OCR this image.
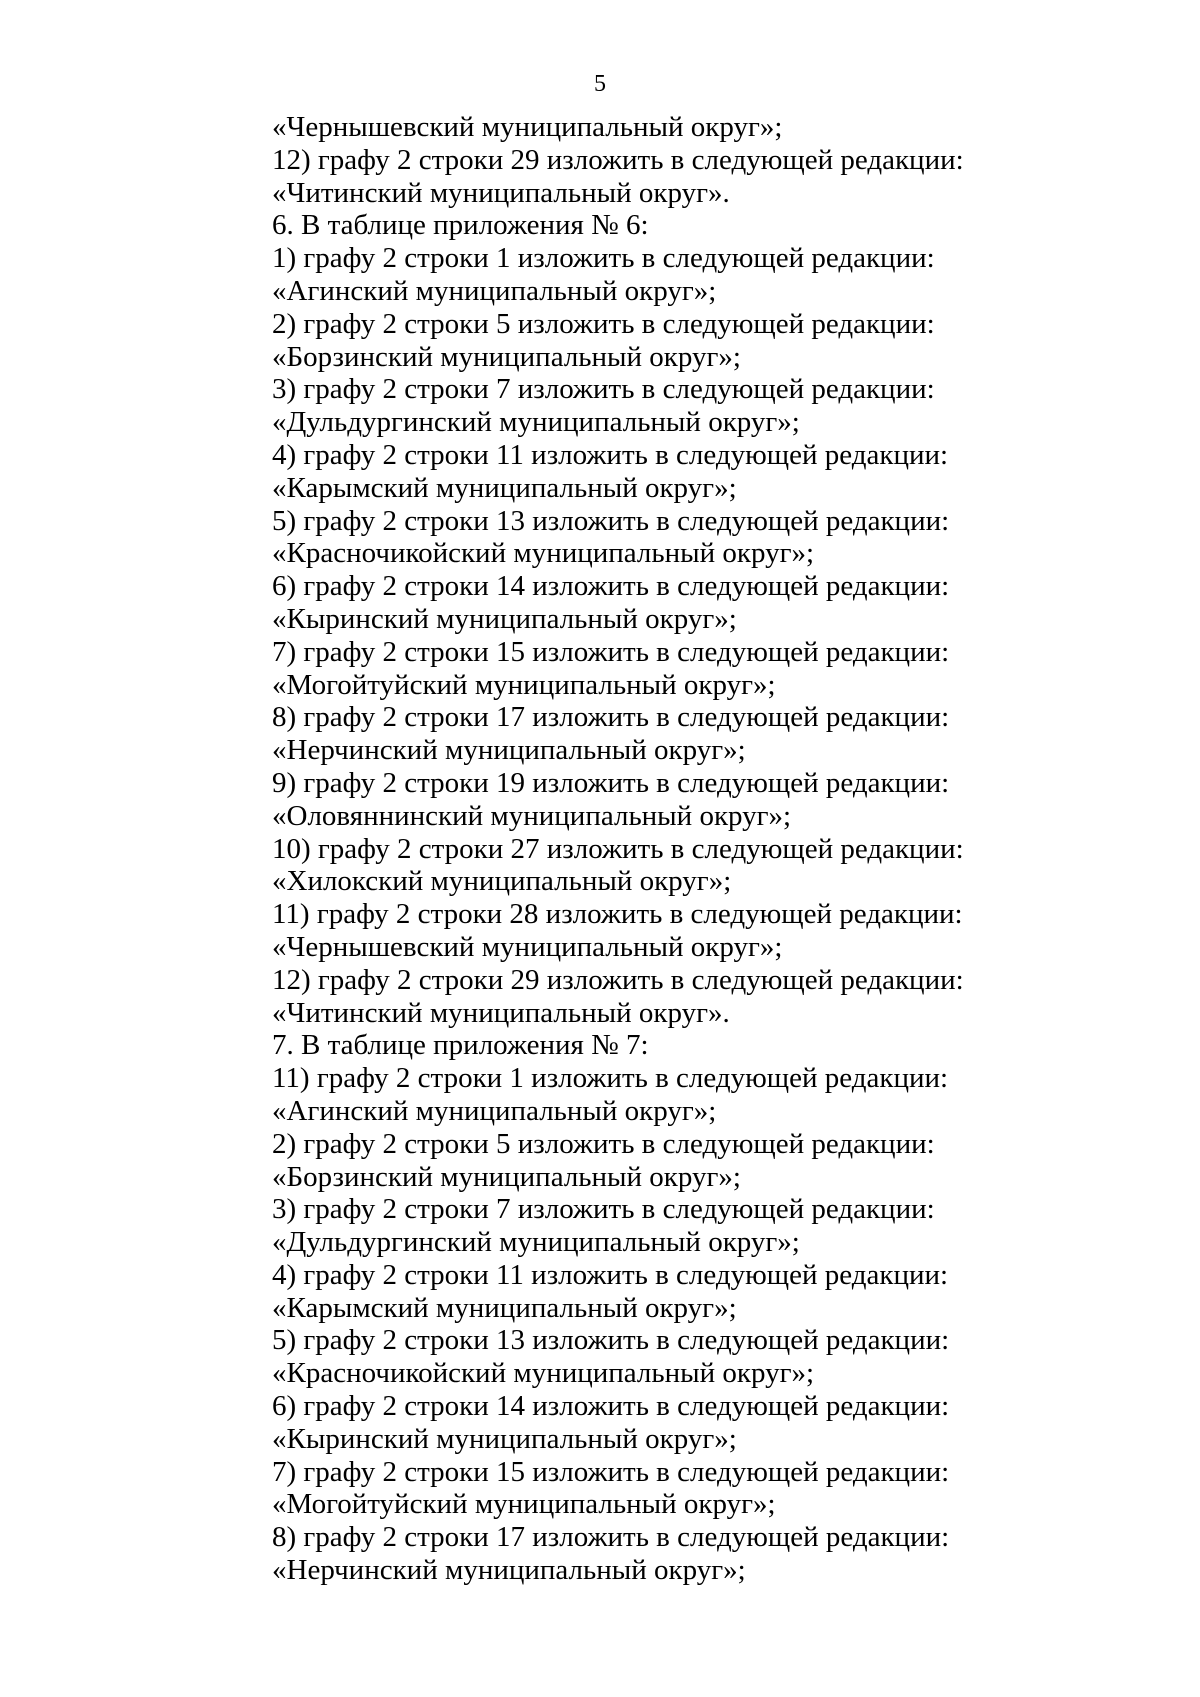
5
«Чернышевский муниципальный округ»;
12) графу 2 строки 29 изложить в следующей редакции:
«Читинский муниципальный округ».
6. В таблице приложения № 6:
1) графу 2 строки 1 изложить в следующей редакции:
«Агинский муниципальный округ»;
2) графу 2 строки 5 изложить в следующей редакции:
«Борзинский муниципальный округ»;
3) графу 2 строки 7 изложить в следующей редакции:
«Дульдургинский муниципальный округ»;
4) графу 2 строки 11 изложить в следующей редакции:
«Карымский муниципальный округ»;
5) графу 2 строки 13 изложить в следующей редакции:
«Красночикойский муниципальный округ»;
6) графу 2 строки 14 изложить в следующей редакции:
«Кыринский муниципальный округ»;
7) графу 2 строки 15 изложить в следующей редакции:
«Могойтуйский муниципальный округ»;
8) графу 2 строки 17 изложить в следующей редакции:
«Нерчинский муниципальный округ»;
9) графу 2 строки 19 изложить в следующей редакции:
«Оловяннинский муниципальный округ»;
10) графу 2 строки 27 изложить в следующей редакции:
«Хилокский муниципальный округ»;
11) графу 2 строки 28 изложить в следующей редакции:
«Чернышевский муниципальный округ»;
12) графу 2 строки 29 изложить в следующей редакции:
«Читинский муниципальный округ».
7. В таблице приложения № 7:
11) графу 2 строки 1 изложить в следующей редакции:
«Агинский муниципальный округ»;
2) графу 2 строки 5 изложить в следующей редакции:
«Борзинский муниципальный округ»;
3) графу 2 строки 7 изложить в следующей редакции:
«Дульдургинский муниципальный округ»;
4) графу 2 строки 11 изложить в следующей редакции:
«Карымский муниципальный округ»;
5) графу 2 строки 13 изложить в следующей редакции:
«Красночикойский муниципальный округ»;
6) графу 2 строки 14 изложить в следующей редакции:
«Кыринский муниципальный округ»;
7) графу 2 строки 15 изложить в следующей редакции:
«Могойтуйский муниципальный округ»;
8) графу 2 строки 17 изложить в следующей редакции:
«Нерчинский муниципальный округ»;
